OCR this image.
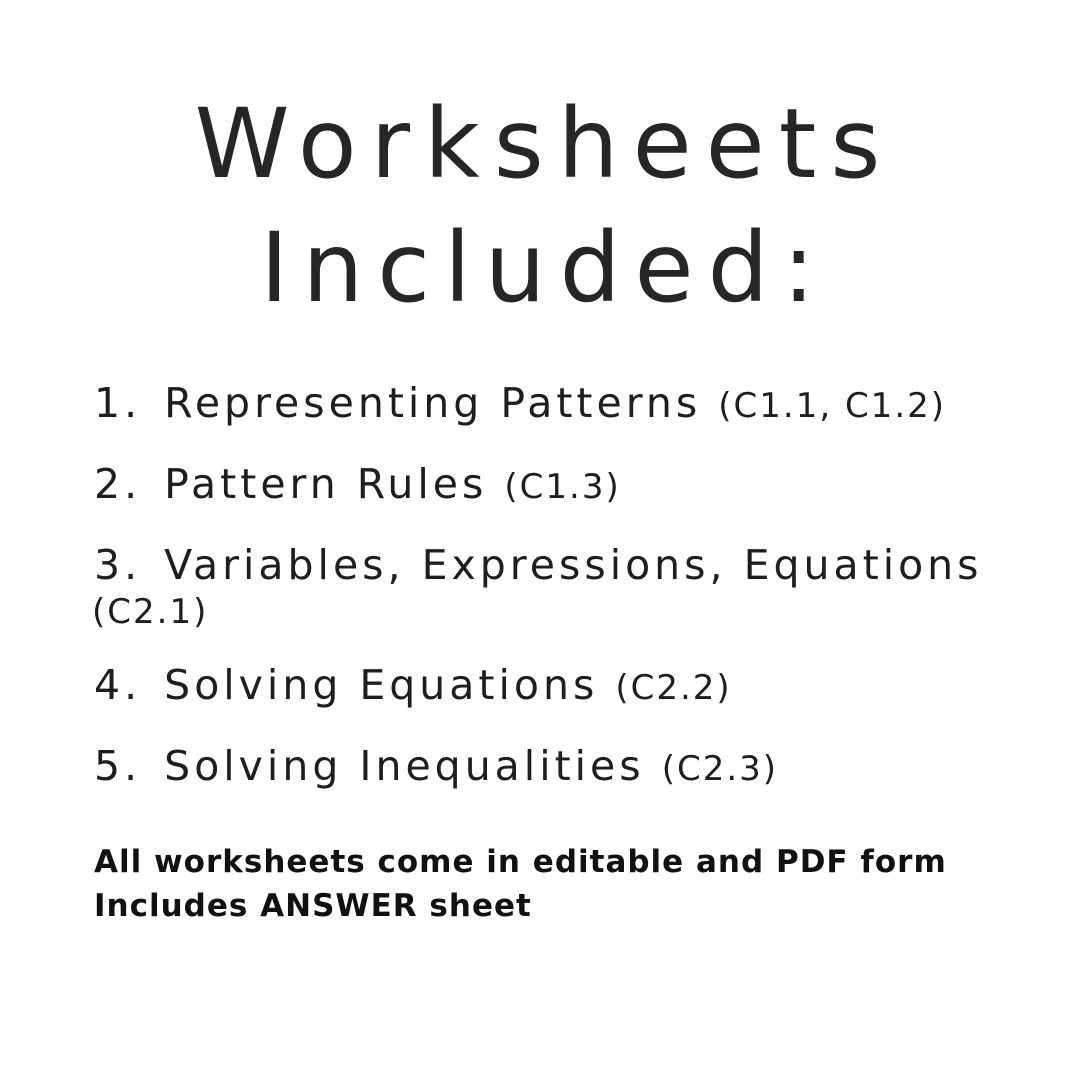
Worksheets
Included:
1. Representing Patterns (C1.1, C1.2)
2. Pattern Rules (C1.3)
3. Variables, Expressions, Equations
(C2.1)
4. Solving Equations (C2.2)
5. Solving Inequalities (C2.3)
All worksheets come in editable and PDF form
Includes ANSWER sheet
